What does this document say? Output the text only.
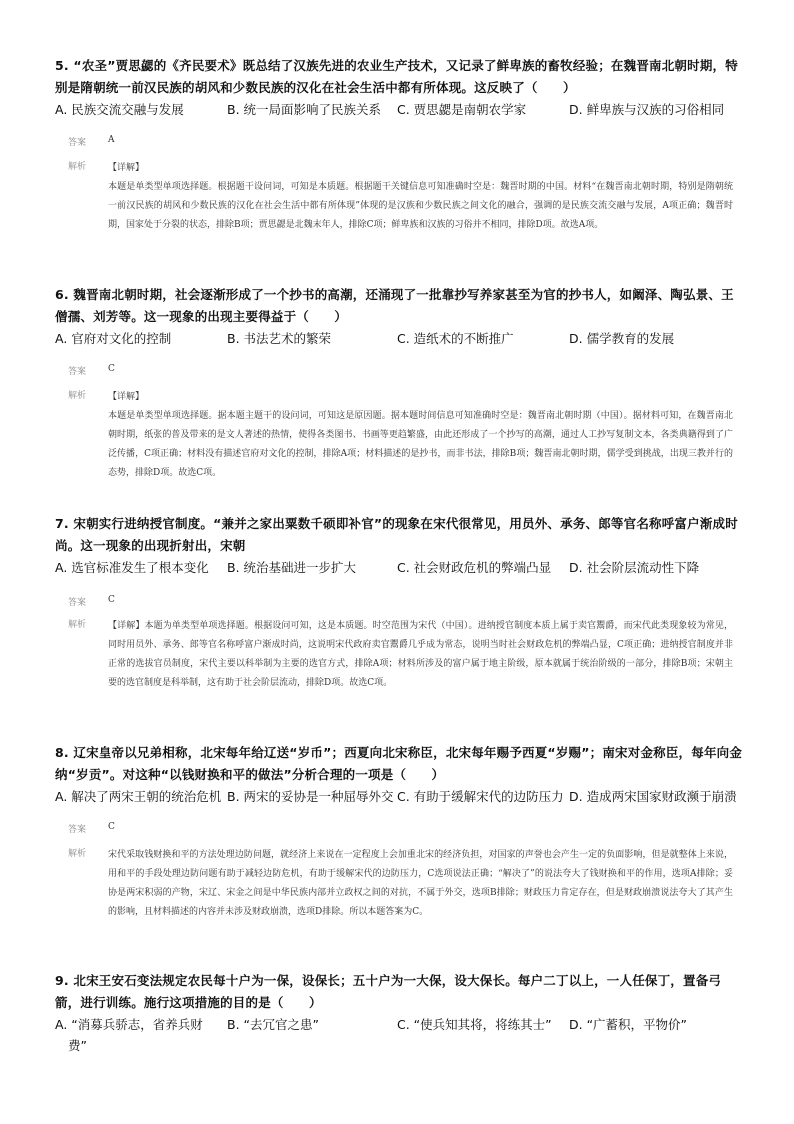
5. “农圣”贾思勰的《齐民要术》既总结了汉族先进的农业生产技术，又记录了鲜卑族的畜牧经验；在魏晋南北朝时期，特别是隋朝统一前汉民族的胡风和少数民族的汉化在社会生活中都有所体现。这反映了（　　）
A. 民族交流交融与发展	B. 统一局面影响了民族关系 C. 贾思勰是南朝农学家	D. 鲜卑族与汉族的习俗相同
答案	A
解析	【详解】
本题是单类型单项选择题。根据题干设问词，可知是本质题。根据题干关键信息可知准确时空是：魏晋时期的中国。材料“在魏晋南北朝时期，特别是隋朝统一前汉民族的胡风和少数民族的汉化在社会生活中都有所体现”体现的是汉族和少数民族之间文化的融合，强调的是民族交流交融与发展，A项正确；魏晋时期，国家处于分裂的状态，排除B项；贾思勰是北魏末年人，排除C项；鲜卑族和汉族的习俗并不相同，排除D项。故选A项。
6. 魏晋南北朝时期，社会逐渐形成了一个抄书的高潮，还涌现了一批靠抄写养家甚至为官的抄书人，如阚泽、陶弘景、王僧孺、刘芳等。这一现象的出现主要得益于（　　）
A. 官府对文化的控制	B. 书法艺术的繁荣	C. 造纸术的不断推广	D. 儒学教育的发展
答案	C
解析	【详解】
本题是单类型单项选择题。据本题主题干的设问词，可知这是原因题。据本题时间信息可知准确时空是：魏晋南北朝时期（中国）。据材料可知，在魏晋南北朝时期，纸张的普及带来的是文人著述的热情，使得各类图书、书画等更趋繁盛，由此还形成了一个抄写的高潮，通过人工抄写复制文本，各类典籍得到了广泛传播，C项正确；材料没有描述官府对文化的控制，排除A项；材料描述的是抄书，而非书法，排除B项；魏晋南北朝时期，儒学受到挑战，出现三教并行的态势，排除D项。故选C项。
7. 宋朝实行进纳授官制度。“兼并之家出粟数千硕即补官”的现象在宋代很常见，用员外、承务、郎等官名称呼富户渐成时尚。这一现象的出现折射出，宋朝
A. 选官标准发生了根本变化 B. 统治基础进一步扩大	C. 社会财政危机的弊端凸显 D. 社会阶层流动性下降
答案	C
解析	【详解】本题为单类型单项选择题。根据设问可知，这是本质题。时空范围为宋代（中国）。进纳授官制度本质上属于卖官鬻爵，而宋代此类现象较为常见，同时用员外、承务、郎等官名称呼富户渐成时尚，这说明宋代政府卖官鬻爵几乎成为常态，说明当时社会财政危机的弊端凸显，C项正确；进纳授官制度并非正常的选拔官员制度，宋代主要以科举制为主要的选官方式，排除A项；材料所涉及的富户属于地主阶级，原本就属于统治阶级的一部分，排除B项；宋朝主要的选官制度是科举制，这有助于社会阶层流动，排除D项。故选C项。
8. 辽宋皇帝以兄弟相称，北宋每年给辽送“岁币”；西夏向北宋称臣，北宋每年赐予西夏“岁赐”；南宋对金称臣，每年向金纳“岁贡”。对这种“以钱财换和平的做法”分析合理的一项是（　　）
A. 解决了两宋王朝的统治危机 B. 两宋的妥协是一种屈辱外交 C. 有助于缓解宋代的边防压力 D. 造成两宋国家财政濒于崩溃
答案	C
解析	宋代采取钱财换和平的方法处理边防问题，就经济上来说在一定程度上会加重北宋的经济负担，对国家的声誉也会产生一定的负面影响，但是就整体上来说，用和平的手段处理边防问题有助于减轻边防危机，有助于缓解宋代的边防压力，C选项说法正确；“解决了”的说法夸大了钱财换和平的作用，选项A排除；妥协是两宋积弱的产物，宋辽、宋金之间是中华民族内部并立政权之间的对抗，不属于外交，选项B排除；财政压力肯定存在，但是财政崩溃说法夸大了其产生的影响，且材料描述的内容并未涉及财政崩溃，选项D排除。所以本题答案为C。
9. 北宋王安石变法规定农民每十户为一保，设保长；五十户为一大保，设大保长。每户二丁以上，一人任保丁，置备弓箭，进行训练。施行这项措施的目的是（　　）
A. “消募兵骄志，省养兵财 B. “去冗官之患”	C. “使兵知其将，将练其士” D. “广蓄积，平物价”
费”
